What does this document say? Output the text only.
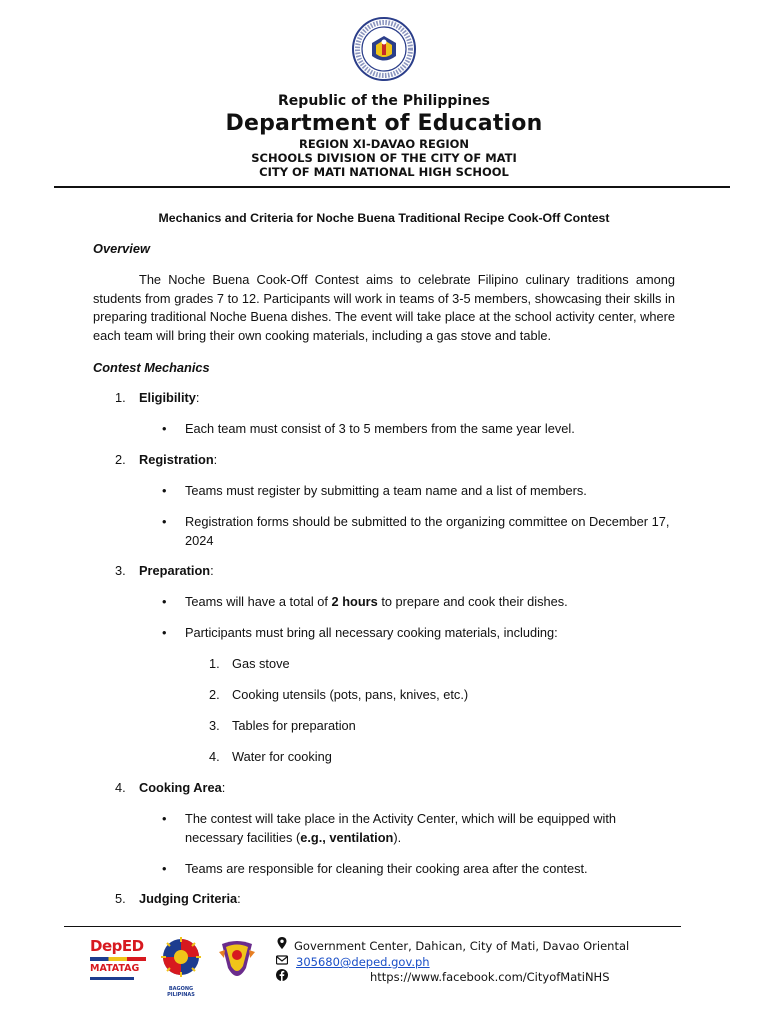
Republic of the Philippines
Department of Education
REGION XI-DAVAO REGION
SCHOOLS DIVISION OF THE CITY OF MATI
CITY OF MATI NATIONAL HIGH SCHOOL
Mechanics and Criteria for Noche Buena Traditional Recipe Cook-Off Contest
Overview
The Noche Buena Cook-Off Contest aims to celebrate Filipino culinary traditions among students from grades 7 to 12. Participants will work in teams of 3-5 members, showcasing their skills in preparing traditional Noche Buena dishes. The event will take place at the school activity center, where each team will bring their own cooking materials, including a gas stove and table.
Contest Mechanics
1.	Eligibility:
•	Each team must consist of 3 to 5 members from the same year level.
2.	Registration:
•	Teams must register by submitting a team name and a list of members.
•	Registration forms should be submitted to the organizing committee on December 17, 2024
3.	Preparation:
•	Teams will have a total of 2 hours to prepare and cook their dishes.
•	Participants must bring all necessary cooking materials, including:
1. Gas stove
2. Cooking utensils (pots, pans, knives, etc.)
3. Tables for preparation
4. Water for cooking
4.	Cooking Area:
•	The contest will take place in the Activity Center, which will be equipped with necessary facilities (e.g., ventilation).
•	Teams are responsible for cleaning their cooking area after the contest.
5.	Judging Criteria:
DepED
MATATAG
BAGONG PILIPINAS
Government Center, Dahican, City of Mati, Davao Oriental
305680@deped.gov.ph
https://www.facebook.com/CityofMatiNHS
